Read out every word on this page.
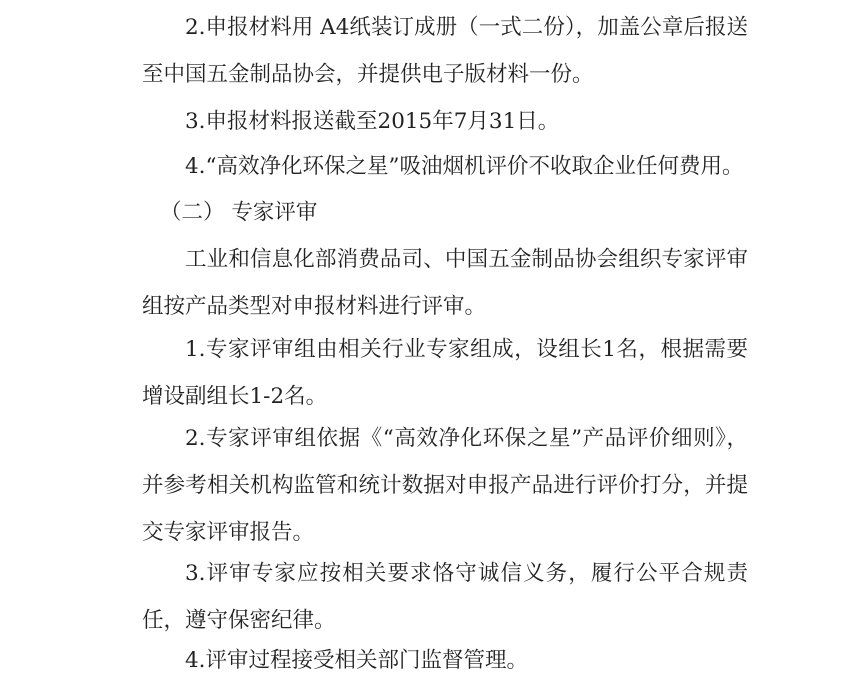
2.申报材料用 A4纸装订成册（一式二份），加盖公章后报送至中国五金制品协会，并提供电子版材料一份。

3.申报材料报送截至2015年7月31日。

4.“高效净化环保之星”吸油烟机评价不收取企业任何费用。

（二） 专家评审

工业和信息化部消费品司、中国五金制品协会组织专家评审组按产品类型对申报材料进行评审。

1.专家评审组由相关行业专家组成，设组长1名，根据需要增设副组长1-2名。

2.专家评审组依据《“高效净化环保之星”产品评价细则》，并参考相关机构监管和统计数据对申报产品进行评价打分，并提交专家评审报告。

3.评审专家应按相关要求恪守诚信义务，履行公平合规责任，遵守保密纪律。

4.评审过程接受相关部门监督管理。
